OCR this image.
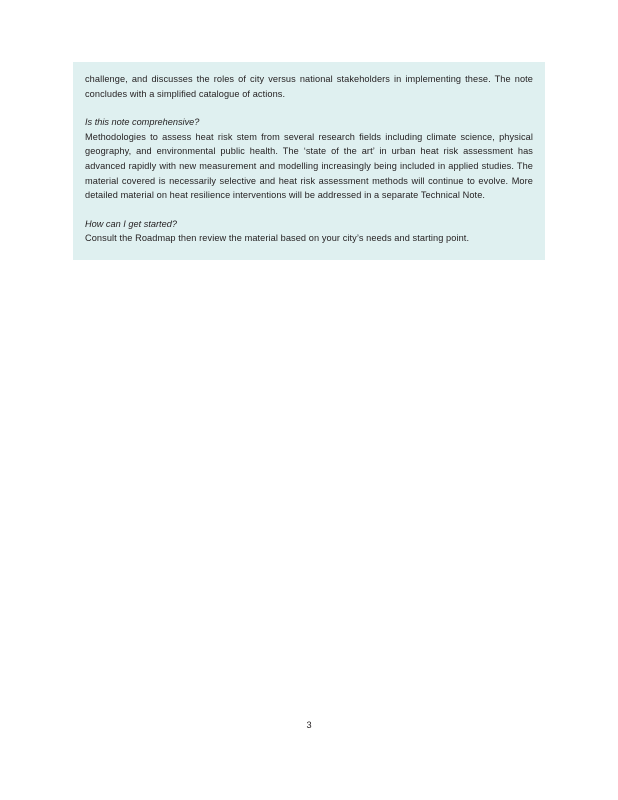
challenge, and discusses the roles of city versus national stakeholders in implementing these. The note concludes with a simplified catalogue of actions.

Is this note comprehensive?

Methodologies to assess heat risk stem from several research fields including climate science, physical geography, and environmental public health. The ‘state of the art’ in urban heat risk assessment has advanced rapidly with new measurement and modelling increasingly being included in applied studies. The material covered is necessarily selective and heat risk assessment methods will continue to evolve. More detailed material on heat resilience interventions will be addressed in a separate Technical Note.

How can I get started?

Consult the Roadmap then review the material based on your city’s needs and starting point.

3
